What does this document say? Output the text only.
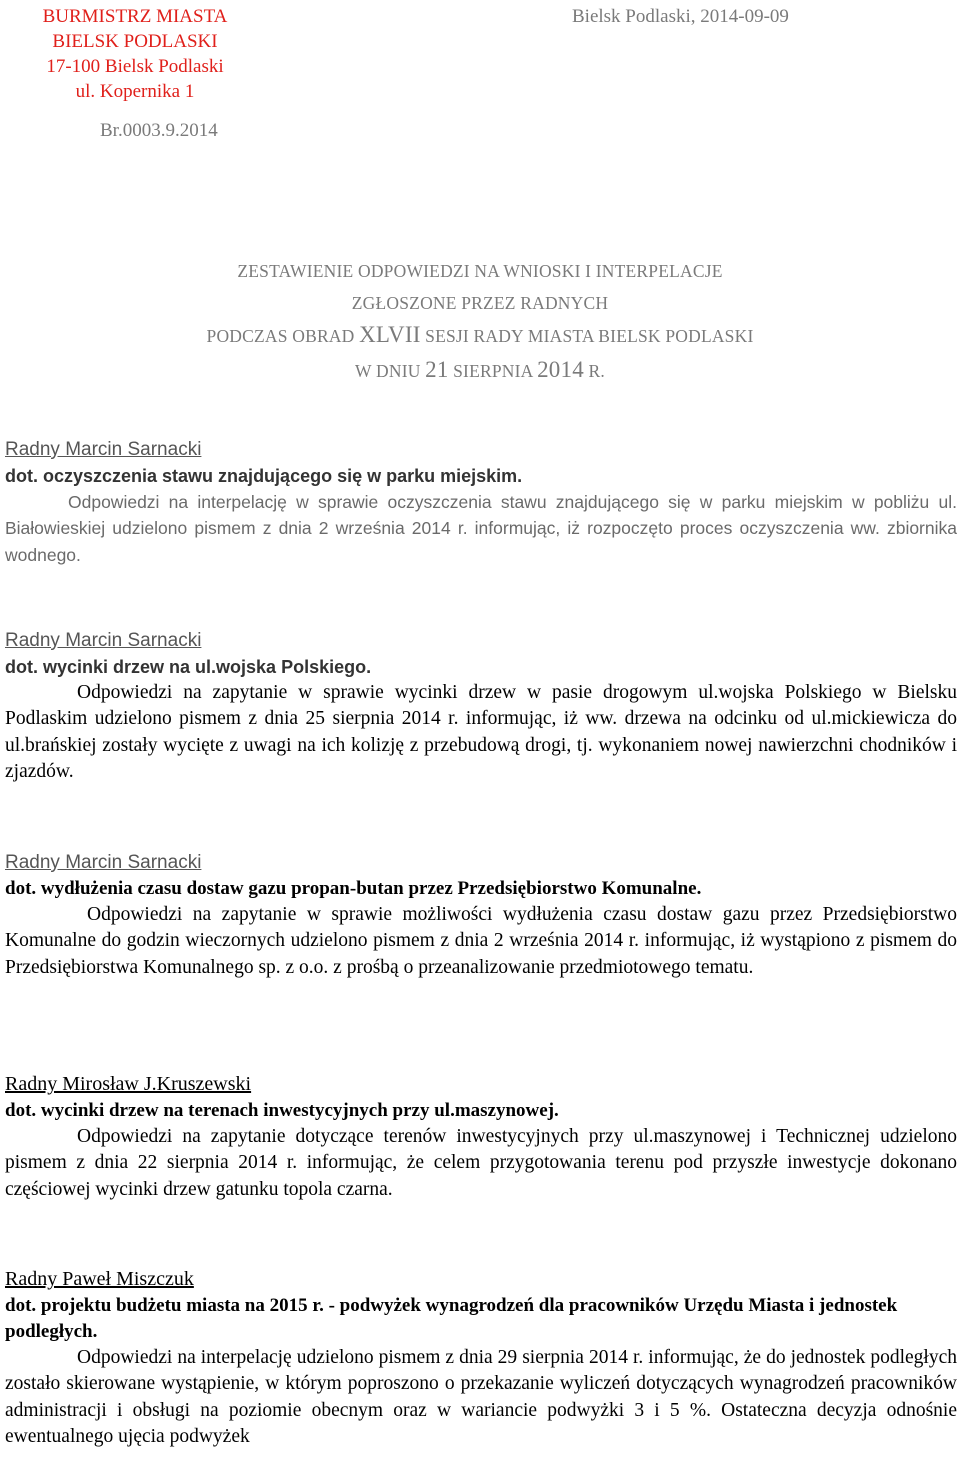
BURMISTRZ MIASTA
BIELSK PODLASKI
17-100 Bielsk Podlaski
ul. Kopernika 1
Bielsk Podlaski, 2014-09-09
Br.0003.9.2014
ZESTAWIENIE ODPOWIEDZI NA WNIOSKI I INTERPELACJE
ZGŁOSZONE PRZEZ RADNYCH
PODCZAS OBRAD XLVII SESJI RADY MIASTA BIELSK PODLASKI
W DNIU 21 SIERPNIA 2014 R.
Radny Marcin Sarnacki
dot. oczyszczenia stawu znajdującego się w parku miejskim.
Odpowiedzi na interpelację w sprawie oczyszczenia stawu znajdującego się w parku miejskim w pobliżu ul. Białowieskiej udzielono pismem z dnia 2 września 2014 r. informując, iż rozpoczęto proces oczyszczenia ww. zbiornika wodnego.
Radny Marcin Sarnacki
dot. wycinki drzew na ul.wojska Polskiego.
Odpowiedzi na zapytanie w sprawie wycinki drzew w pasie drogowym ul.wojska Polskiego w Bielsku Podlaskim udzielono pismem z dnia 25 sierpnia 2014 r. informując, iż ww. drzewa na odcinku od ul.mickiewicza do ul.brańskiej zostały wycięte z uwagi na ich kolizję z przebudową drogi, tj. wykonaniem nowej nawierzchni chodników i zjazdów.
Radny Marcin Sarnacki
dot. wydłużenia czasu dostaw gazu propan-butan przez Przedsiębiorstwo Komunalne.
Odpowiedzi na zapytanie w sprawie możliwości wydłużenia czasu dostaw gazu przez Przedsiębiorstwo Komunalne do godzin wieczornych udzielono pismem z dnia 2 września 2014 r. informując, iż wystąpiono z pismem do Przedsiębiorstwa Komunalnego sp. z o.o. z prośbą o przeanalizowanie przedmiotowego tematu.
Radny Mirosław J.Kruszewski
dot. wycinki drzew na terenach inwestycyjnych przy ul.maszynowej.
Odpowiedzi na zapytanie dotyczące terenów inwestycyjnych przy ul.maszynowej i Technicznej udzielono pismem z dnia 22 sierpnia 2014 r. informując, że celem przygotowania terenu pod przyszłe inwestycje dokonano częściowej wycinki drzew gatunku topola czarna.
Radny Paweł Miszczuk
dot. projektu budżetu miasta na 2015 r. - podwyżek wynagrodzeń dla pracowników Urzędu Miasta i jednostek podległych.
Odpowiedzi na interpelację udzielono pismem z dnia 29 sierpnia 2014 r. informując, że do jednostek podległych zostało skierowane wystąpienie, w którym poproszono o przekazanie wyliczeń dotyczących wynagrodzeń pracowników administracji i obsługi na poziomie obecnym oraz w wariancie podwyżki 3 i 5 %. Ostateczna decyzja odnośnie ewentualnego ujęcia podwyżek
